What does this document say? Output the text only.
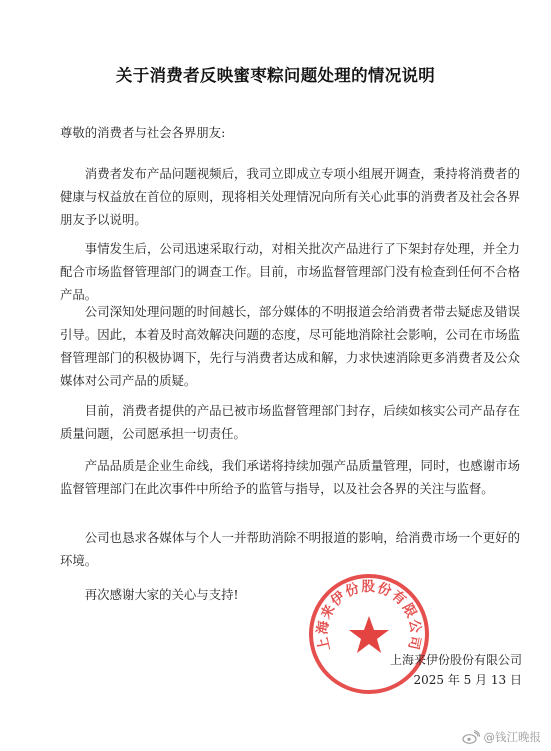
关于消费者反映蜜枣粽问题处理的情况说明

尊敬的消费者与社会各界朋友:

消费者发布产品问题视频后，我司立即成立专项小组展开调查，秉持将消费者的健康与权益放在首位的原则，现将相关处理情况向所有关心此事的消费者及社会各界朋友予以说明。

事情发生后，公司迅速采取行动，对相关批次产品进行了下架封存处理，并全力配合市场监督管理部门的调查工作。目前，市场监督管理部门没有检查到任何不合格产品。

公司深知处理问题的时间越长，部分媒体的不明报道会给消费者带去疑虑及错误引导。因此，本着及时高效解决问题的态度，尽可能地消除社会影响，公司在市场监督管理部门的积极协调下，先行与消费者达成和解，力求快速消除更多消费者及公众媒体对公司产品的质疑。

目前，消费者提供的产品已被市场监督管理部门封存，后续如核实公司产品存在质量问题，公司愿承担一切责任。

产品品质是企业生命线，我们承诺将持续加强产品质量管理，同时，也感谢市场监督管理部门在此次事件中所给予的监管与指导，以及社会各界的关注与监督。

公司也恳求各媒体与个人一并帮助消除不明报道的影响，给消费市场一个更好的环境。

再次感谢大家的关心与支持!

上海来伊份股份有限公司

上海来伊份股份有限公司

2025 年 5 月 13 日

@钱江晚报
